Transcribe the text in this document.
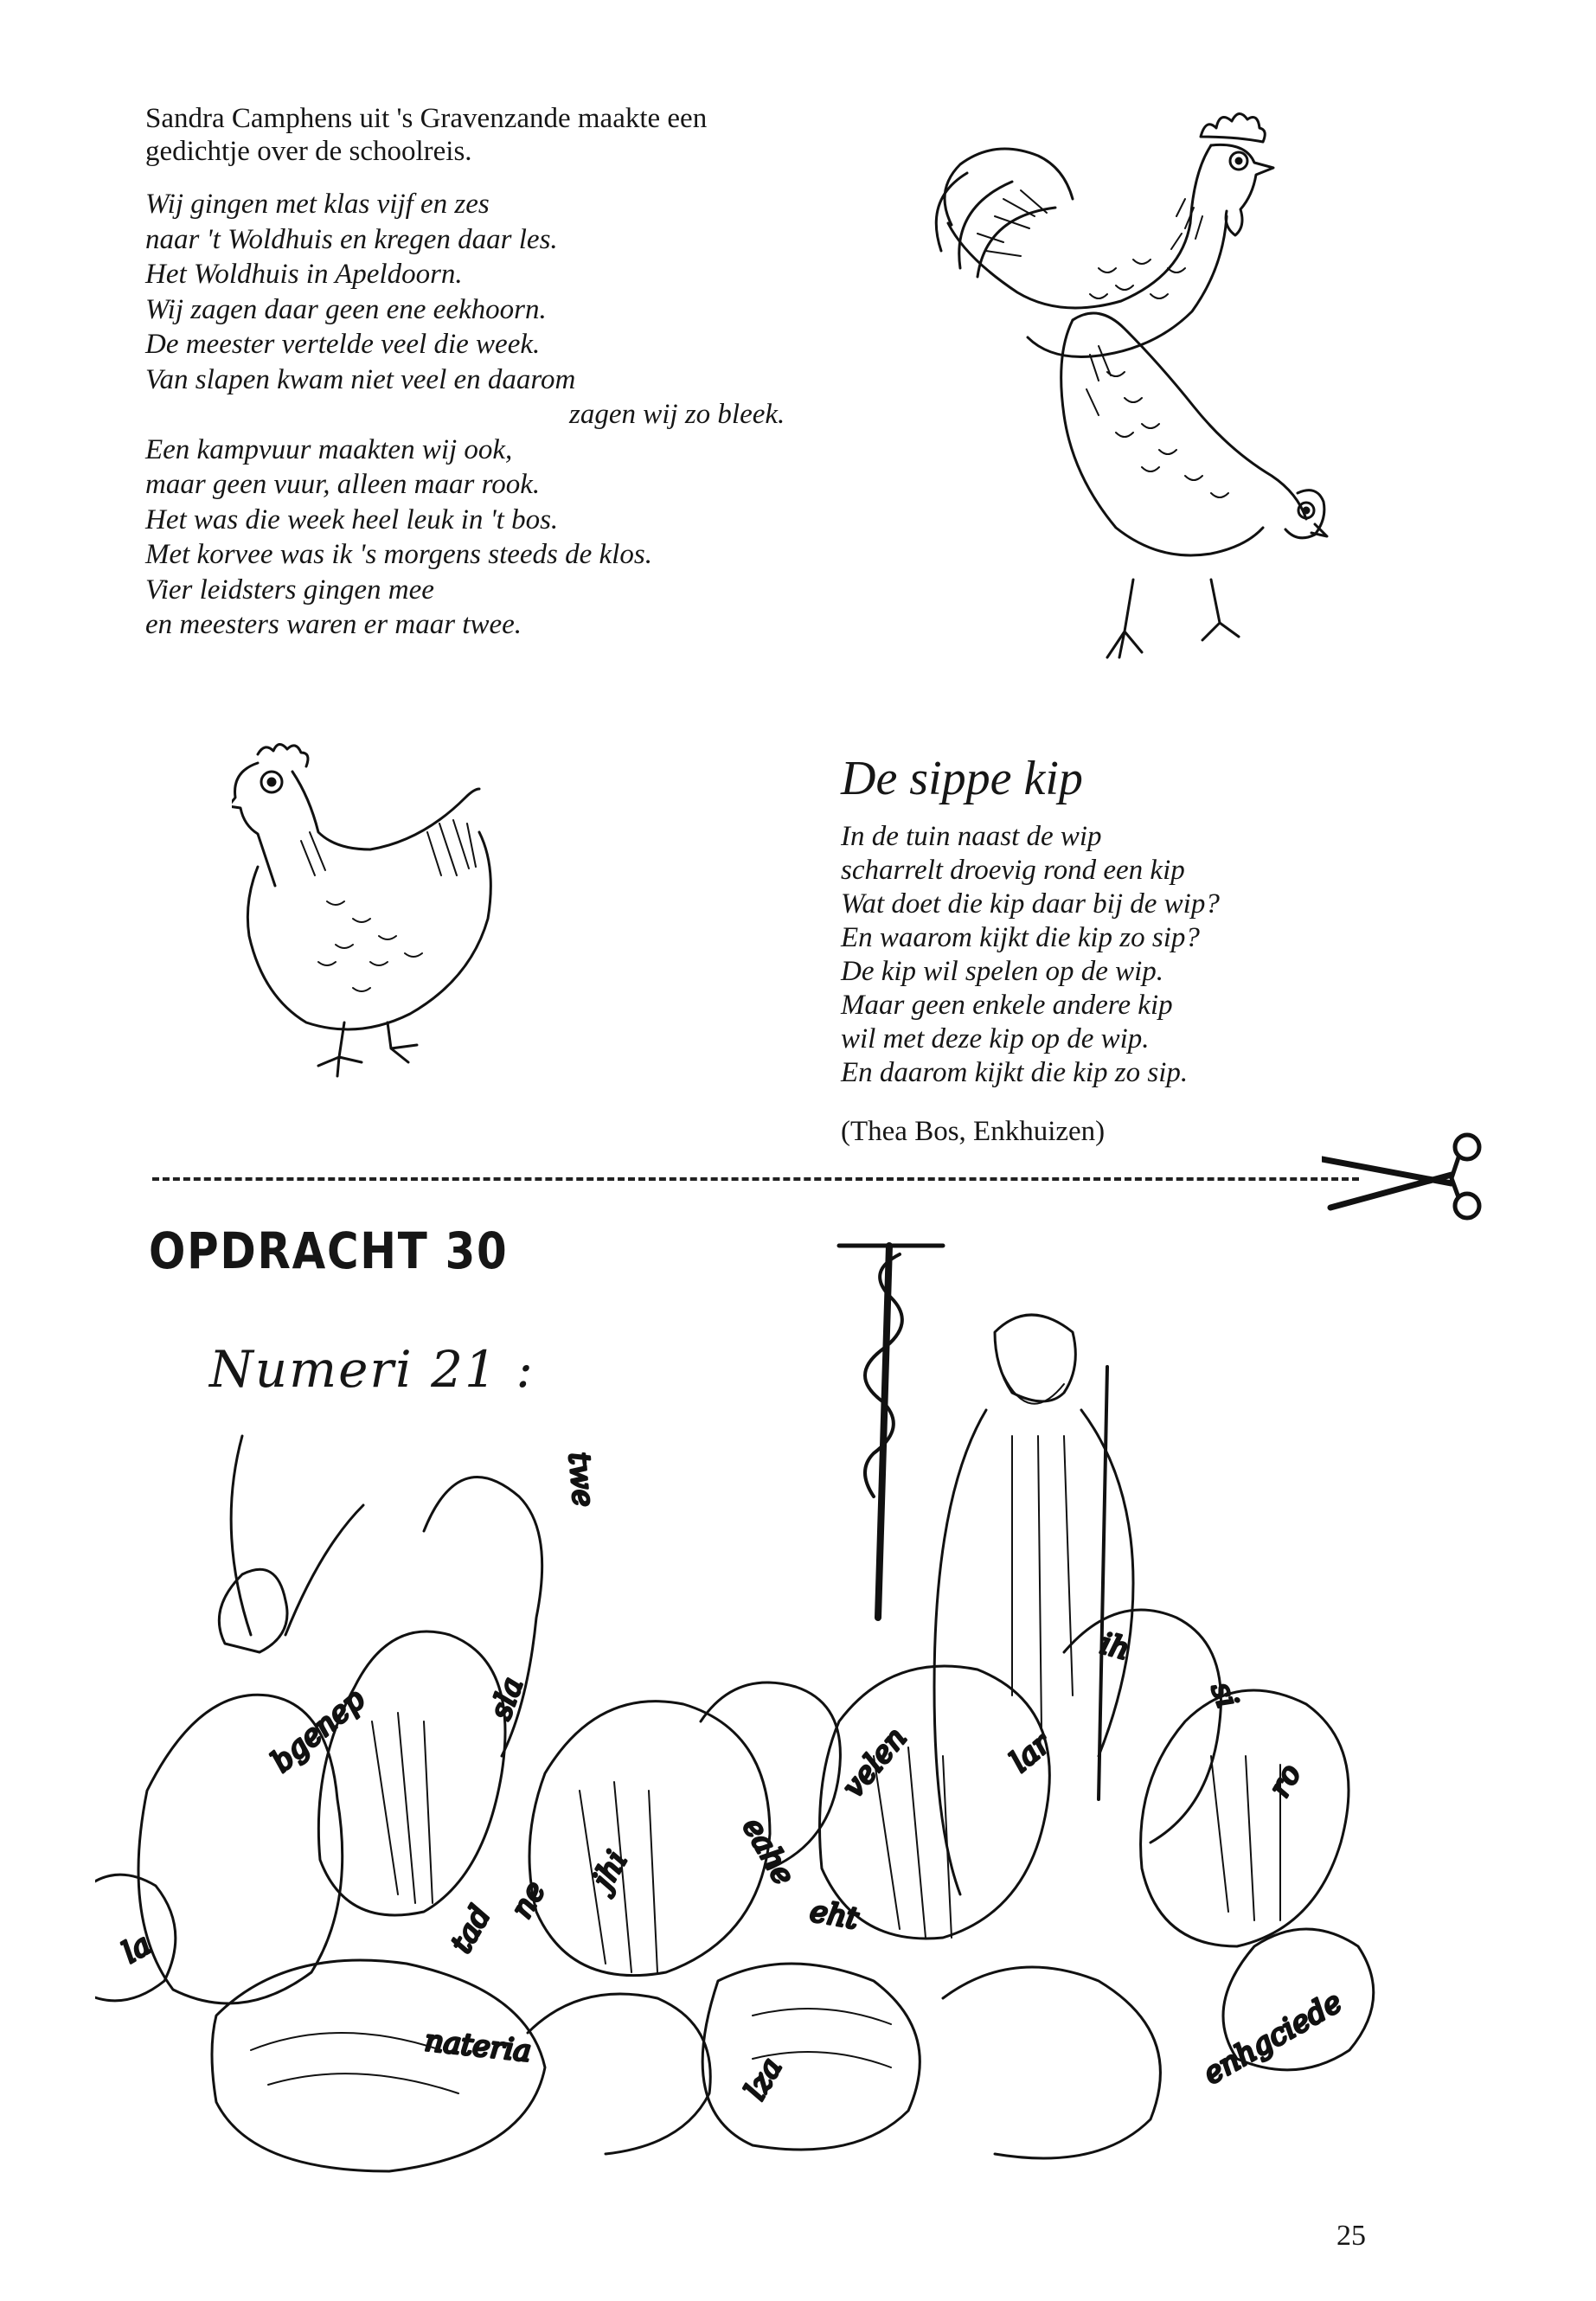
Sandra Camphens uit 's Gravenzande maakte een
gedichtje over de schoolreis.
Wij gingen met klas vijf en zes
naar 't Woldhuis en kregen daar les.
Het Woldhuis in Apeldoorn.
Wij zagen daar geen ene eekhoorn.
De meester vertelde veel die week.
Van slapen kwam niet veel en daarom
zagen wij zo bleek.
Een kampvuur maakten wij ook,
maar geen vuur, alleen maar rook.
Het was die week heel leuk in 't bos.
Met korvee was ik 's morgens steeds de klos.
Vier leidsters gingen mee
en meesters waren er maar twee.
De sippe kip
In de tuin naast de wip
scharrelt droevig rond een kip
Wat doet die kip daar bij de wip?
En waarom kijkt die kip zo sip?
De kip wil spelen op de wip.
Maar geen enkele andere kip
wil met deze kip op de wip.
En daarom kijkt die kip zo sip.
(Thea Bos, Enkhuizen)
OPDRACHT 30
Numeri 21 :
twe
bgenep	sla
tad ne
jhi	eahe
velen
ih
lar
si
ro
eht
la
nateria
lza	enhgciede
25
